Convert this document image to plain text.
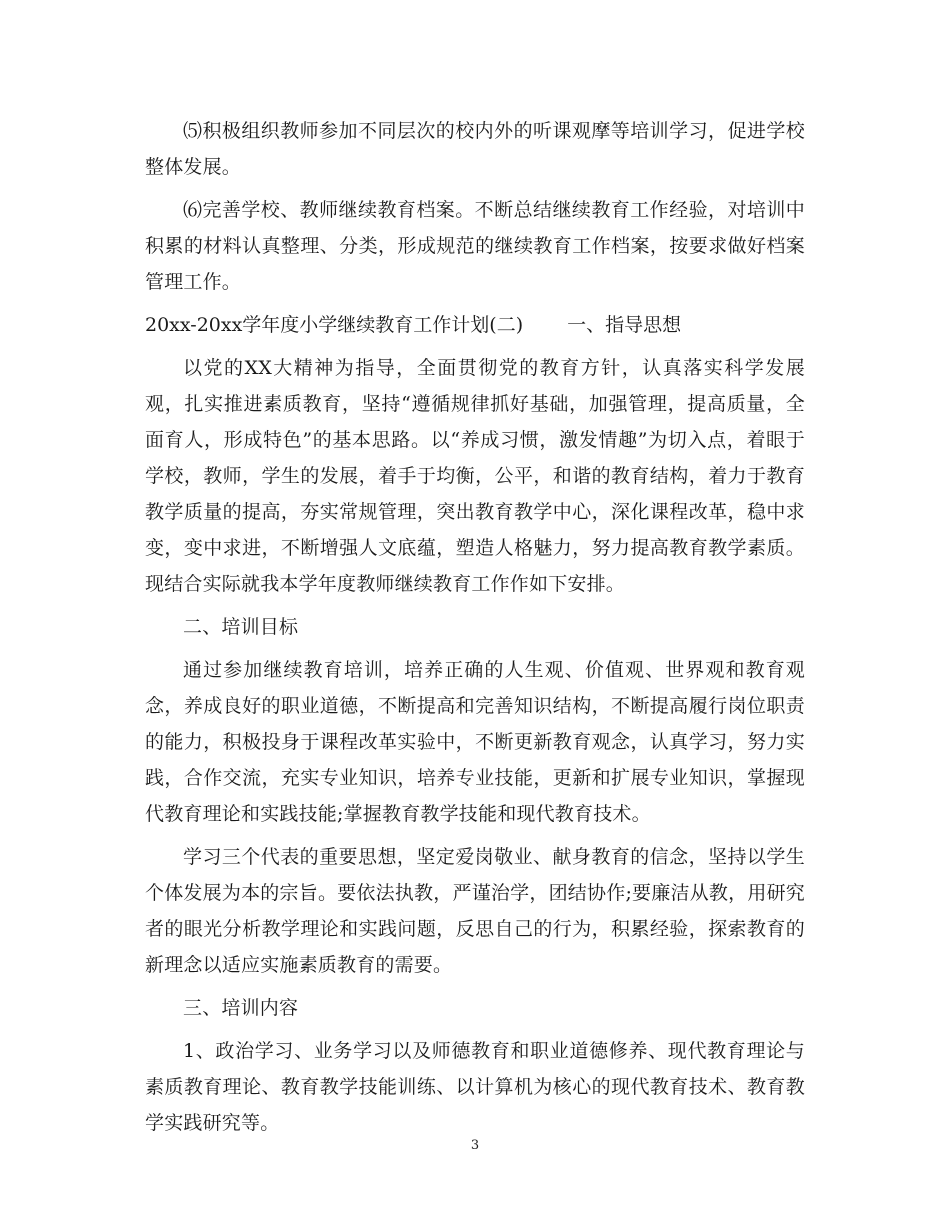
⑸积极组织教师参加不同层次的校内外的听课观摩等培训学习，促进学校整体发展。

⑹完善学校、教师继续教育档案。不断总结继续教育工作经验，对培训中积累的材料认真整理、分类，形成规范的继续教育工作档案，按要求做好档案管理工作。

20xx-20xx学年度小学继续教育工作计划(二) 一、指导思想

以党的XX大精神为指导，全面贯彻党的教育方针，认真落实科学发展观，扎实推进素质教育，坚持“遵循规律抓好基础，加强管理，提高质量，全面育人，形成特色”的基本思路。以“养成习惯，激发情趣”为切入点，着眼于学校，教师，学生的发展，着手于均衡，公平，和谐的教育结构，着力于教育教学质量的提高，夯实常规管理，突出教育教学中心，深化课程改革，稳中求变，变中求进，不断增强人文底蕴，塑造人格魅力，努力提高教育教学素质。现结合实际就我本学年度教师继续教育工作作如下安排。

二、培训目标

通过参加继续教育培训，培养正确的人生观、价值观、世界观和教育观念，养成良好的职业道德，不断提高和完善知识结构，不断提高履行岗位职责的能力，积极投身于课程改革实验中，不断更新教育观念，认真学习，努力实践，合作交流，充实专业知识，培养专业技能，更新和扩展专业知识，掌握现代教育理论和实践技能;掌握教育教学技能和现代教育技术。

学习三个代表的重要思想，坚定爱岗敬业、献身教育的信念，坚持以学生个体发展为本的宗旨。要依法执教，严谨治学，团结协作;要廉洁从教，用研究者的眼光分析教学理论和实践问题，反思自己的行为，积累经验，探索教育的新理念以适应实施素质教育的需要。

三、培训内容

1、政治学习、业务学习以及师德教育和职业道德修养、现代教育理论与素质教育理论、教育教学技能训练、以计算机为核心的现代教育技术、教育教学实践研究等。

3
